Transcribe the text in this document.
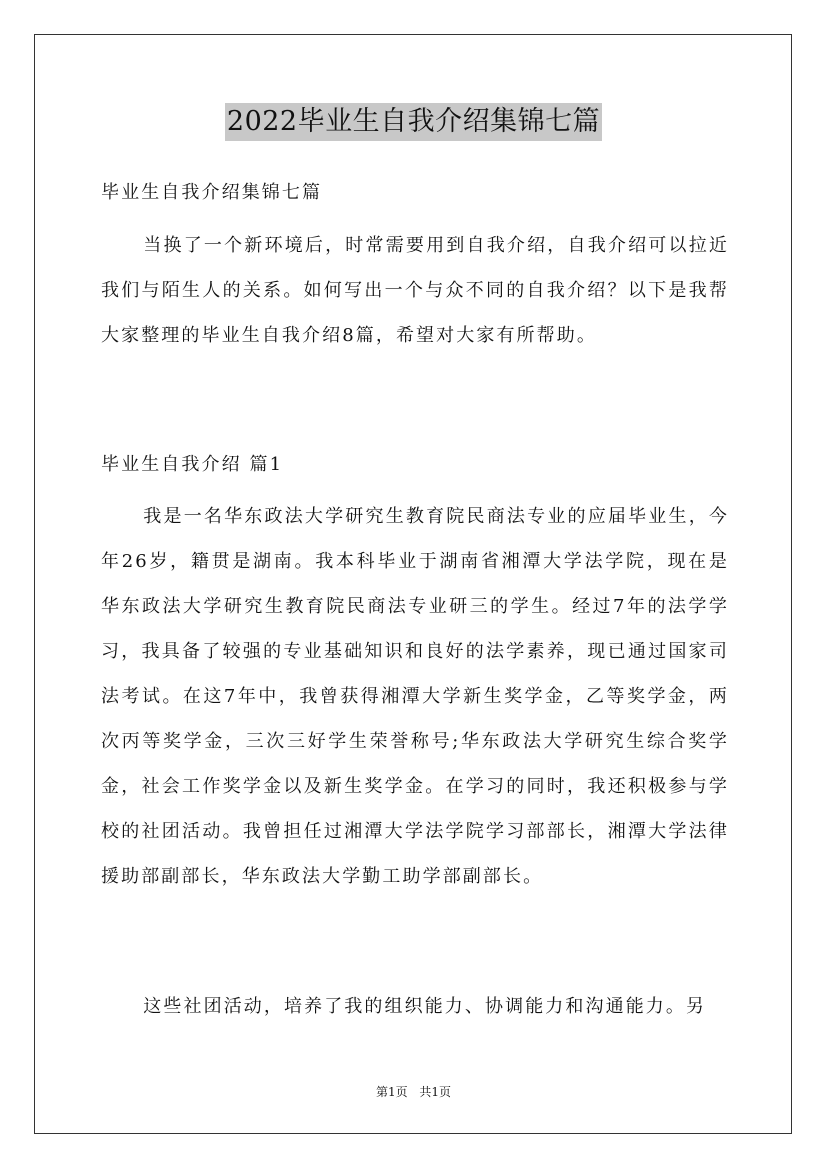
2022毕业生自我介绍集锦七篇
毕业生自我介绍集锦七篇
当换了一个新环境后，时常需要用到自我介绍，自我介绍可以拉近我们与陌生人的关系。如何写出一个与众不同的自我介绍？以下是我帮大家整理的毕业生自我介绍8篇，希望对大家有所帮助。
毕业生自我介绍 篇1
我是一名华东政法大学研究生教育院民商法专业的应届毕业生，今年26岁，籍贯是湖南。我本科毕业于湖南省湘潭大学法学院，现在是华东政法大学研究生教育院民商法专业研三的学生。经过7年的法学学习，我具备了较强的专业基础知识和良好的法学素养，现已通过国家司法考试。在这7年中，我曾获得湘潭大学新生奖学金，乙等奖学金，两次丙等奖学金，三次三好学生荣誉称号;华东政法大学研究生综合奖学金，社会工作奖学金以及新生奖学金。在学习的同时，我还积极参与学校的社团活动。我曾担任过湘潭大学法学院学习部部长，湘潭大学法律援助部副部长，华东政法大学勤工助学部副部长。
这些社团活动，培养了我的组织能力、协调能力和沟通能力。另
第1页 共1页
